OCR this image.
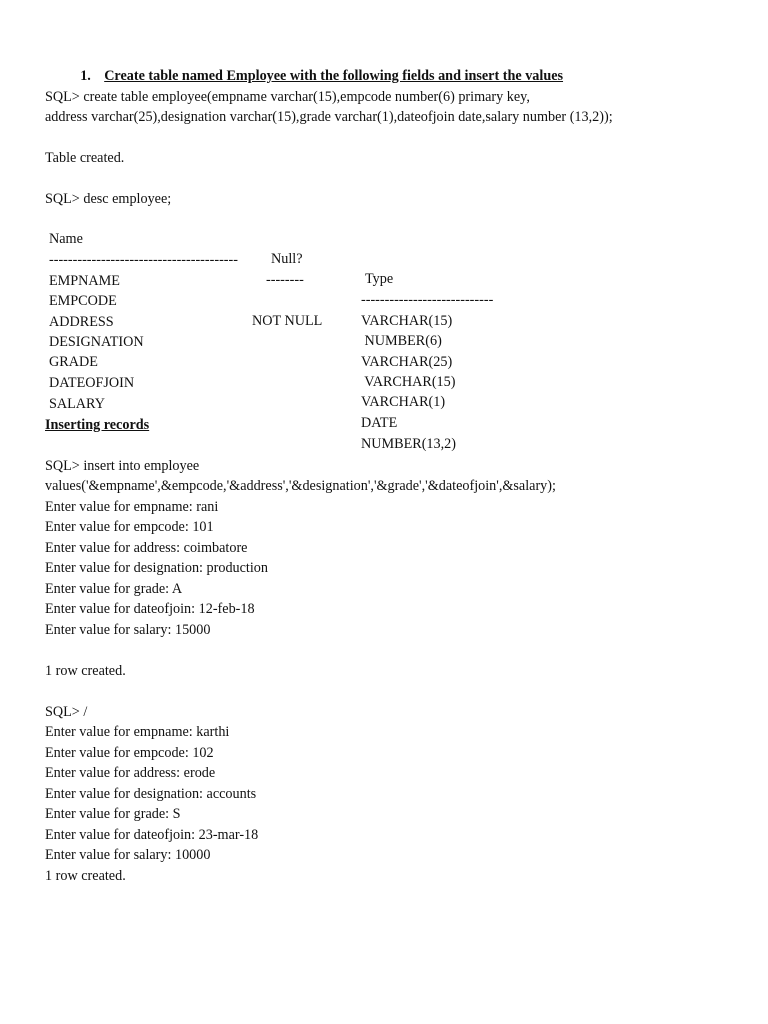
1. Create table named Employee with the following fields and insert the values

SQL> create table employee(empname varchar(15),empcode number(6) primary key,
address varchar(25),designation varchar(15),grade varchar(1),dateofjoin date,salary number (13,2));
Table created.
SQL> desc employee;

Name

Null?

Type

----------------------------------------

--------

----------------------------

EMPNAME

VARCHAR(15)

EMPCODE

NOT NULL

NUMBER(6)

ADDRESS

VARCHAR(25)

DESIGNATION

VARCHAR(15)

GRADE

VARCHAR(1)

DATEOFJOIN

DATE

SALARY

NUMBER(13,2)

Inserting records
SQL> insert into employee
values('&empname',&empcode,'&address','&designation','&grade','&dateofjoin',&salary);
Enter value for empname: rani
Enter value for empcode: 101
Enter value for address: coimbatore
Enter value for designation: production
Enter value for grade: A
Enter value for dateofjoin: 12-feb-18
Enter value for salary: 15000
1 row created.
SQL> /
Enter value for empname: karthi
Enter value for empcode: 102
Enter value for address: erode
Enter value for designation: accounts
Enter value for grade: S
Enter value for dateofjoin: 23-mar-18
Enter value for salary: 10000
1 row created.
